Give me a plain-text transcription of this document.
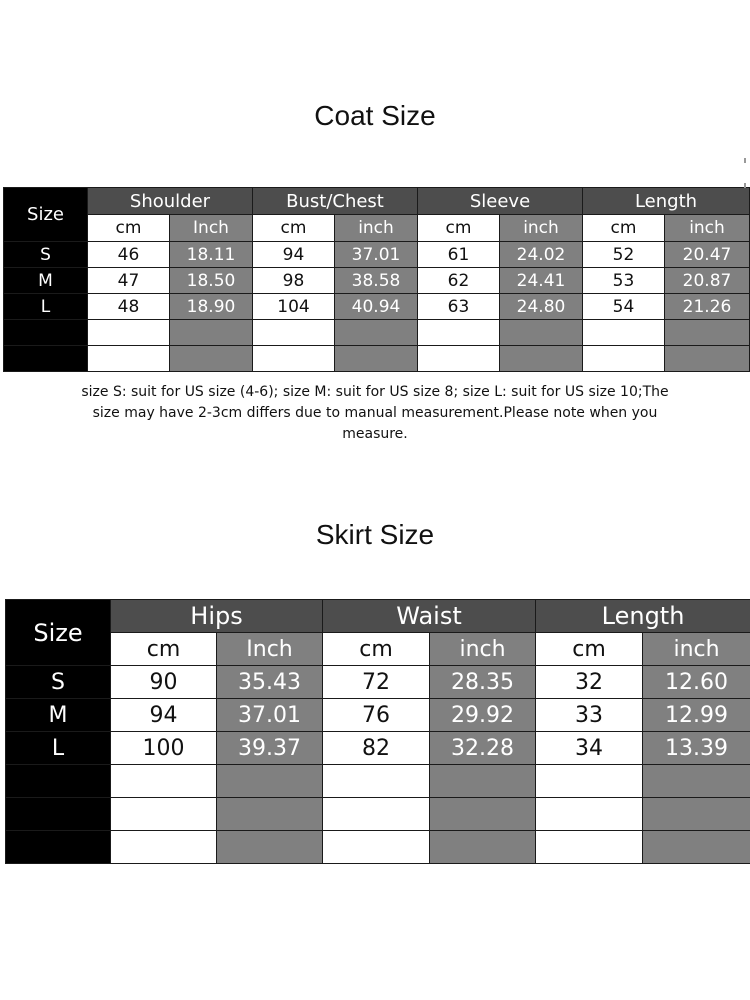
Coat Size
Size	Shoulder		Bust/Chest		Sleeve		Length	
	cm	Inch	cm	inch	cm	inch	cm	inch
S	46	18.11	94	37.01	61	24.02	52	20.47
M	47	18.50	98	38.58	62	24.41	53	20.87
L	48	18.90	104	40.94	63	24.80	54	21.26

size S: suit for US size (4-6); size M: suit for US size 8; size L: suit for US size 10;The size may have 2-3cm differs due to manual measurement.Please note when you measure.
Skirt Size
Size	Hips		Waist		Length	
	cm	Inch	cm	inch	cm	inch
S	90	35.43	72	28.35	32	12.60
M	94	37.01	76	29.92	33	12.99
L	100	39.37	82	32.28	34	13.39
